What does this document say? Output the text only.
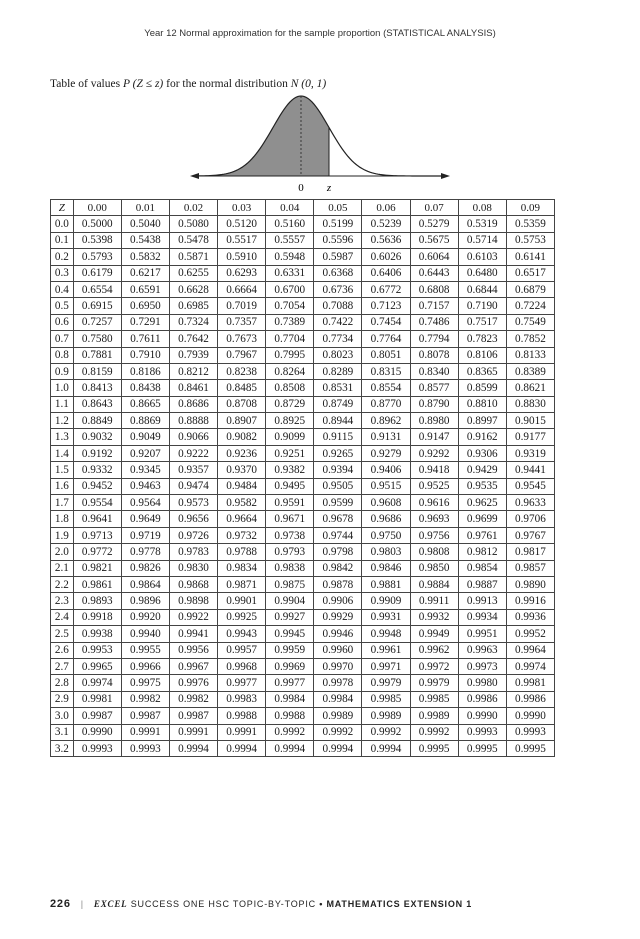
Year 12 Normal approximation for the sample proportion (STATISTICAL ANALYSIS)
Table of values P (Z ≤ z) for the normal distribution N (0, 1)
0 z
Z	0.00	0.01	0.02	0.03	0.04	0.05	0.06	0.07	0.08	0.09
0.0	0.5000	0.5040	0.5080	0.5120	0.5160	0.5199	0.5239	0.5279	0.5319	0.5359
0.1	0.5398	0.5438	0.5478	0.5517	0.5557	0.5596	0.5636	0.5675	0.5714	0.5753
0.2	0.5793	0.5832	0.5871	0.5910	0.5948	0.5987	0.6026	0.6064	0.6103	0.6141
0.3	0.6179	0.6217	0.6255	0.6293	0.6331	0.6368	0.6406	0.6443	0.6480	0.6517
0.4	0.6554	0.6591	0.6628	0.6664	0.6700	0.6736	0.6772	0.6808	0.6844	0.6879
0.5	0.6915	0.6950	0.6985	0.7019	0.7054	0.7088	0.7123	0.7157	0.7190	0.7224
0.6	0.7257	0.7291	0.7324	0.7357	0.7389	0.7422	0.7454	0.7486	0.7517	0.7549
0.7	0.7580	0.7611	0.7642	0.7673	0.7704	0.7734	0.7764	0.7794	0.7823	0.7852
0.8	0.7881	0.7910	0.7939	0.7967	0.7995	0.8023	0.8051	0.8078	0.8106	0.8133
0.9	0.8159	0.8186	0.8212	0.8238	0.8264	0.8289	0.8315	0.8340	0.8365	0.8389
1.0	0.8413	0.8438	0.8461	0.8485	0.8508	0.8531	0.8554	0.8577	0.8599	0.8621
1.1	0.8643	0.8665	0.8686	0.8708	0.8729	0.8749	0.8770	0.8790	0.8810	0.8830
1.2	0.8849	0.8869	0.8888	0.8907	0.8925	0.8944	0.8962	0.8980	0.8997	0.9015
1.3	0.9032	0.9049	0.9066	0.9082	0.9099	0.9115	0.9131	0.9147	0.9162	0.9177
1.4	0.9192	0.9207	0.9222	0.9236	0.9251	0.9265	0.9279	0.9292	0.9306	0.9319
1.5	0.9332	0.9345	0.9357	0.9370	0.9382	0.9394	0.9406	0.9418	0.9429	0.9441
1.6	0.9452	0.9463	0.9474	0.9484	0.9495	0.9505	0.9515	0.9525	0.9535	0.9545
1.7	0.9554	0.9564	0.9573	0.9582	0.9591	0.9599	0.9608	0.9616	0.9625	0.9633
1.8	0.9641	0.9649	0.9656	0.9664	0.9671	0.9678	0.9686	0.9693	0.9699	0.9706
1.9	0.9713	0.9719	0.9726	0.9732	0.9738	0.9744	0.9750	0.9756	0.9761	0.9767
2.0	0.9772	0.9778	0.9783	0.9788	0.9793	0.9798	0.9803	0.9808	0.9812	0.9817
2.1	0.9821	0.9826	0.9830	0.9834	0.9838	0.9842	0.9846	0.9850	0.9854	0.9857
2.2	0.9861	0.9864	0.9868	0.9871	0.9875	0.9878	0.9881	0.9884	0.9887	0.9890
2.3	0.9893	0.9896	0.9898	0.9901	0.9904	0.9906	0.9909	0.9911	0.9913	0.9916
2.4	0.9918	0.9920	0.9922	0.9925	0.9927	0.9929	0.9931	0.9932	0.9934	0.9936
2.5	0.9938	0.9940	0.9941	0.9943	0.9945	0.9946	0.9948	0.9949	0.9951	0.9952
2.6	0.9953	0.9955	0.9956	0.9957	0.9959	0.9960	0.9961	0.9962	0.9963	0.9964
2.7	0.9965	0.9966	0.9967	0.9968	0.9969	0.9970	0.9971	0.9972	0.9973	0.9974
2.8	0.9974	0.9975	0.9976	0.9977	0.9977	0.9978	0.9979	0.9979	0.9980	0.9981
2.9	0.9981	0.9982	0.9982	0.9983	0.9984	0.9984	0.9985	0.9985	0.9986	0.9986
3.0	0.9987	0.9987	0.9987	0.9988	0.9988	0.9989	0.9989	0.9989	0.9990	0.9990
3.1	0.9990	0.9991	0.9991	0.9991	0.9992	0.9992	0.9992	0.9992	0.9993	0.9993
3.2	0.9993	0.9993	0.9994	0.9994	0.9994	0.9994	0.9994	0.9995	0.9995	0.9995
226 | EXCEL SUCCESS ONE HSC TOPIC-BY-TOPIC • MATHEMATICS EXTENSION 1
